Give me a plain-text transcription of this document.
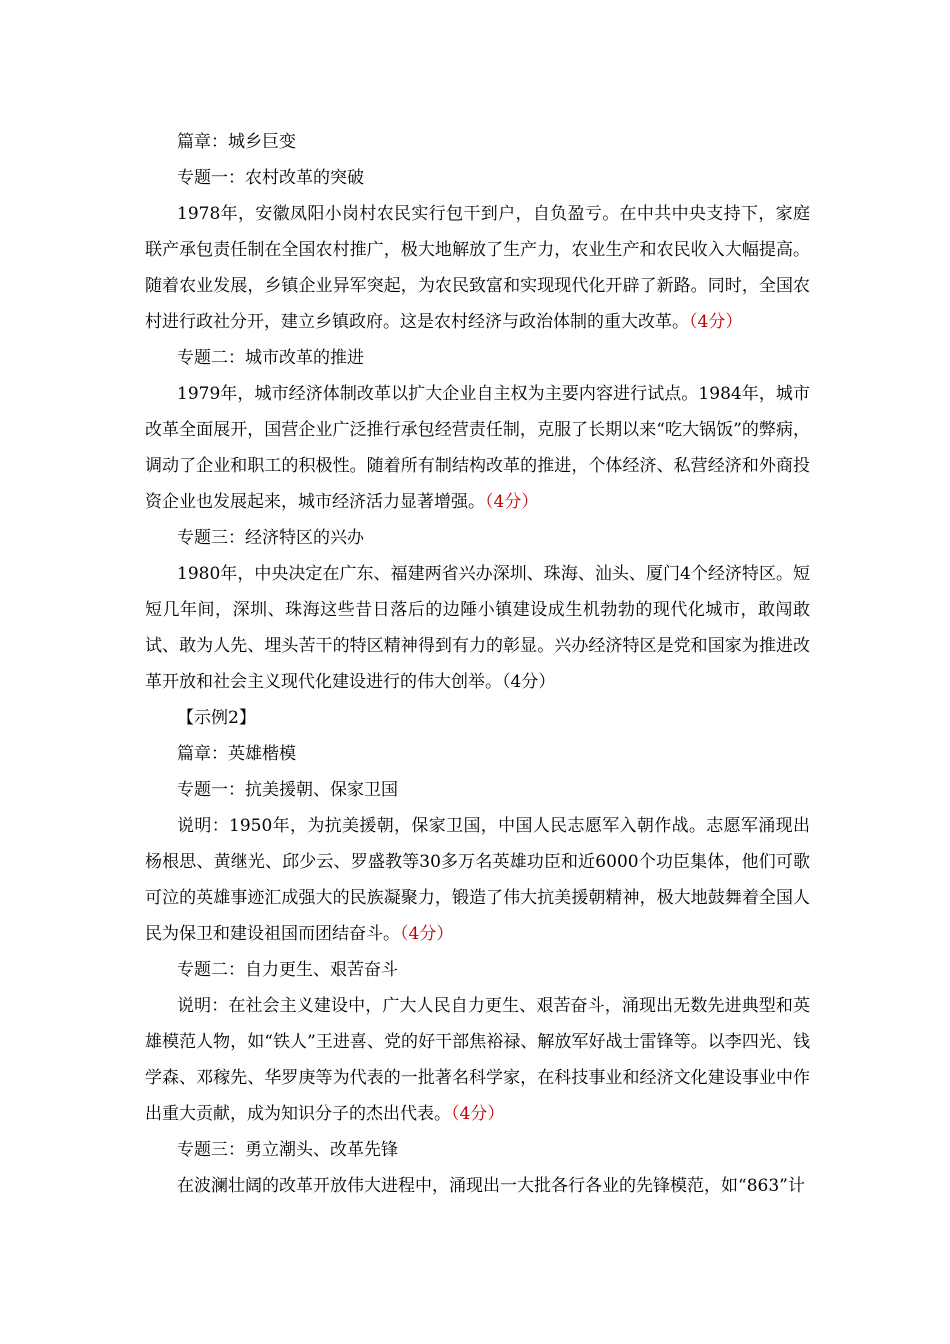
篇章：城乡巨变

专题一：农村改革的突破

1978年，安徽凤阳小岗村农民实行包干到户，自负盈亏。在中共中央支持下，家庭联产承包责任制在全国农村推广，极大地解放了生产力，农业生产和农民收入大幅提高。随着农业发展，乡镇企业异军突起，为农民致富和实现现代化开辟了新路。同时，全国农村进行政社分开，建立乡镇政府。这是农村经济与政治体制的重大改革。（4分）

专题二：城市改革的推进

1979年，城市经济体制改革以扩大企业自主权为主要内容进行试点。1984年，城市改革全面展开，国营企业广泛推行承包经营责任制，克服了长期以来“吃大锅饭”的弊病，调动了企业和职工的积极性。随着所有制结构改革的推进，个体经济、私营经济和外商投资企业也发展起来，城市经济活力显著增强。（4分）

专题三：经济特区的兴办

1980年，中央决定在广东、福建两省兴办深圳、珠海、汕头、厦门4个经济特区。短短几年间，深圳、珠海这些昔日落后的边陲小镇建设成生机勃勃的现代化城市，敢闯敢试、敢为人先、埋头苦干的特区精神得到有力的彰显。兴办经济特区是党和国家为推进改革开放和社会主义现代化建设进行的伟大创举。（4分）

【示例2】

篇章：英雄楷模

专题一：抗美援朝、保家卫国

说明：1950年，为抗美援朝，保家卫国，中国人民志愿军入朝作战。志愿军涌现出杨根思、黄继光、邱少云、罗盛教等30多万名英雄功臣和近6000个功臣集体，他们可歌可泣的英雄事迹汇成强大的民族凝聚力，锻造了伟大抗美援朝精神，极大地鼓舞着全国人民为保卫和建设祖国而团结奋斗。（4分）

专题二：自力更生、艰苦奋斗

说明：在社会主义建设中，广大人民自力更生、艰苦奋斗，涌现出无数先进典型和英雄模范人物，如“铁人”王进喜、党的好干部焦裕禄、解放军好战士雷锋等。以李四光、钱学森、邓稼先、华罗庚等为代表的一批著名科学家，在科技事业和经济文化建设事业中作出重大贡献，成为知识分子的杰出代表。（4分）

专题三：勇立潮头、改革先锋

在波澜壮阔的改革开放伟大进程中，涌现出一大批各行各业的先锋模范，如“863”计
